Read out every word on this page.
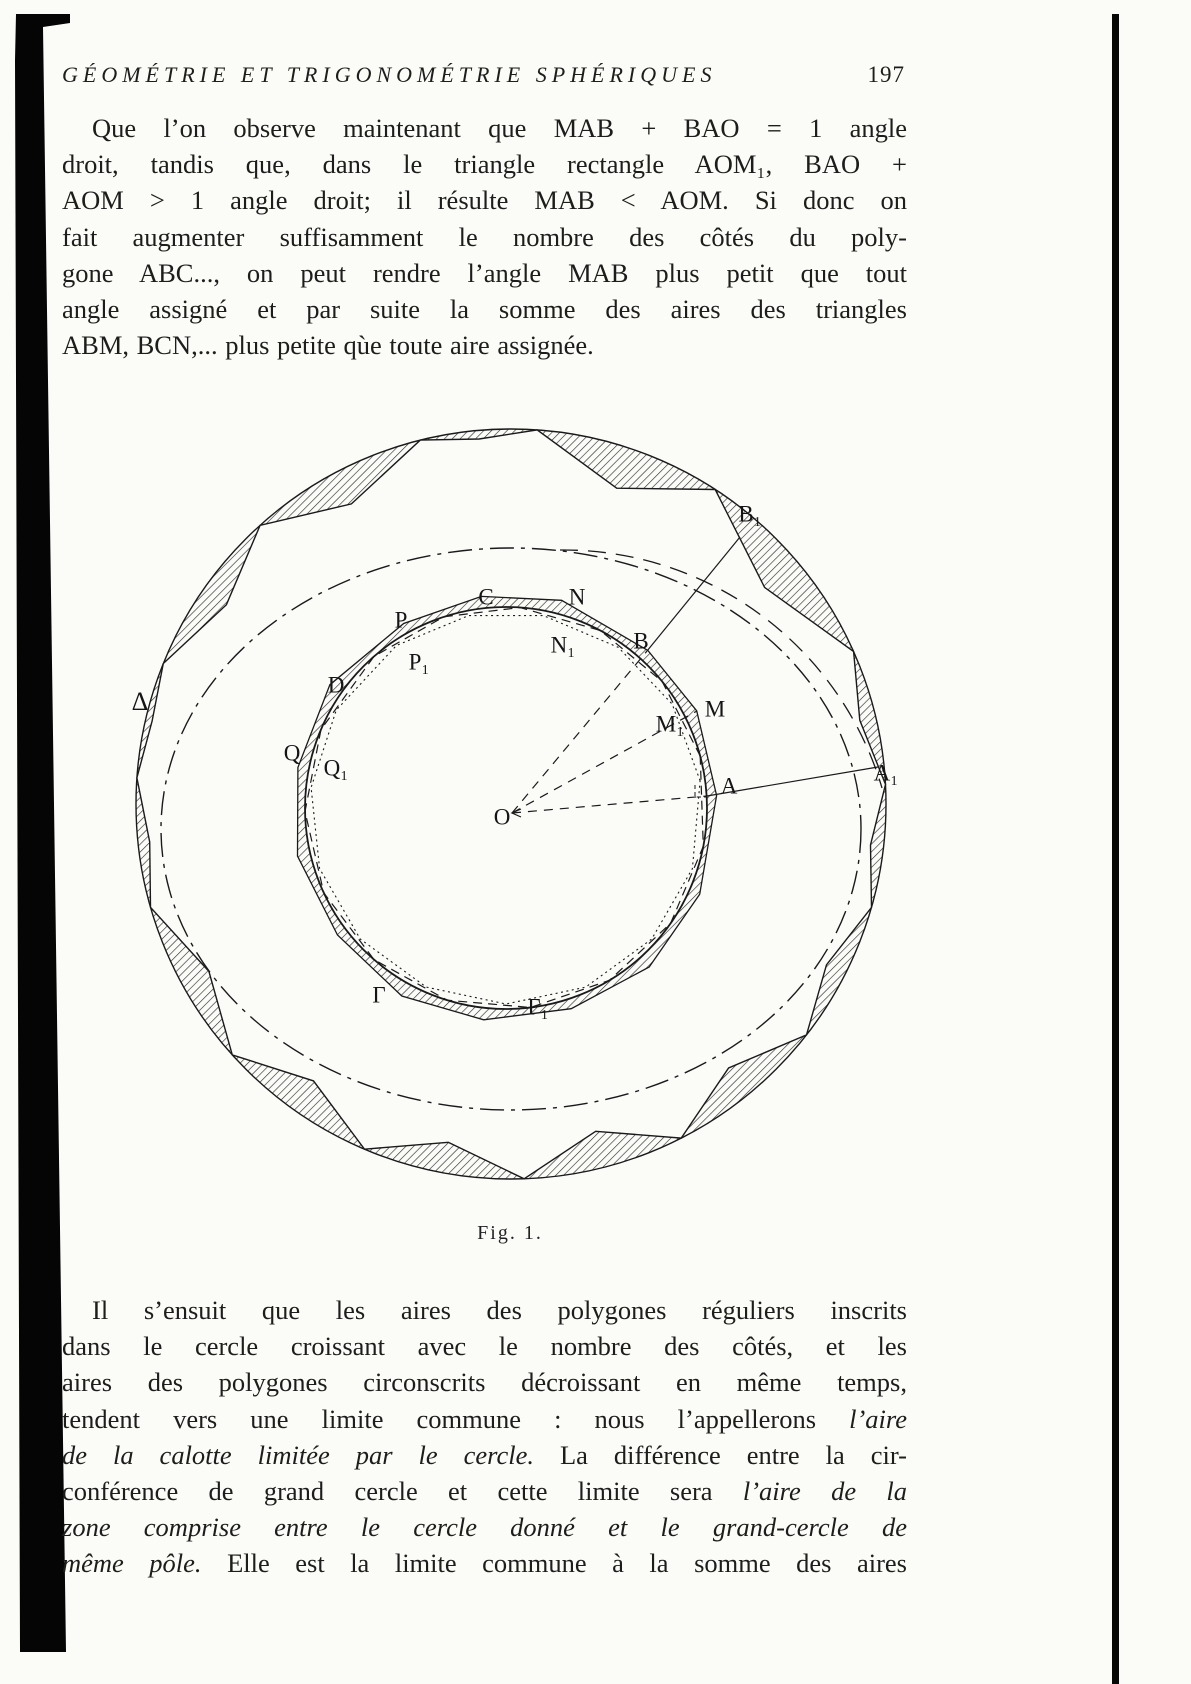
GÉOMÉTRIE ET TRIGONOMÉTRIE SPHÉRIQUES	197
Que l’on observe maintenant que MAB + BAO = 1 angle
droit, tandis que, dans le triangle rectangle AOM₁, BAO +
AOM > 1 angle droit; il résulte MAB < AOM. Si donc on
fait augmenter suffisamment le nombre des côtés du poly-
gone ABC..., on peut rendre l’angle MAB plus petit que tout
angle assigné et par suite la somme des aires des triangles
ABM, BCN,... plus petite qùe toute aire assignée.
Δ
Q
Q₁
D
P
P₁
C	N
N₁	B
B₁
M
M₁
A
A₁
O
Γ	Γ₁
Fig. 1.
Il s’ensuit que les aires des polygones réguliers inscrits
dans le cercle croissant avec le nombre des côtés, et les
aires des polygones circonscrits décroissant en même temps,
tendent vers une limite commune : nous l’appellerons l’aire
de la calotte limitée par le cercle. La différence entre la cir-
conférence de grand cercle et cette limite sera l’aire de la
zone comprise entre le cercle donné et le grand-cercle de
même pôle. Elle est la limite commune à la somme des aires
